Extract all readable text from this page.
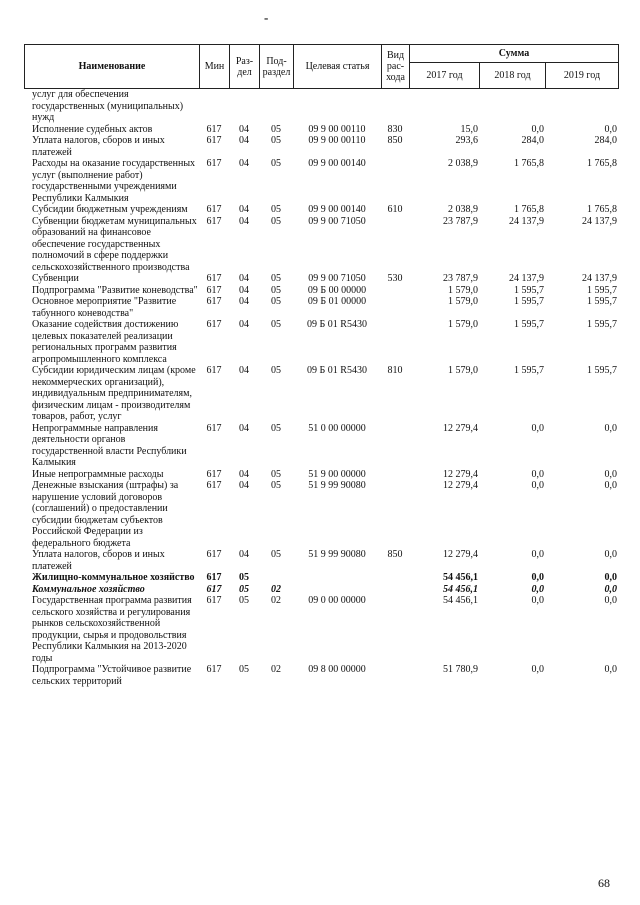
-
Наименование	Мин	Раз-дел	Под-раздел	Целевая статья	Вид рас-хода	Сумма		
						2017 год	2018 год	2019 год
услуг для обеспечения государственных (муниципальных) нужд								
Исполнение судебных актов	617	04	05	09 9 00 00110	830	15,0	0,0	0,0
Уплата налогов, сборов и иных платежей	617	04	05	09 9 00 00110	850	293,6	284,0	284,0
Расходы на оказание государственных услуг (выполнение работ) государственными учреждениями Республики Калмыкия	617	04	05	09 9 00 00140		2 038,9	1 765,8	1 765,8
Субсидии бюджетным учреждениям	617	04	05	09 9 00 00140	610	2 038,9	1 765,8	1 765,8
Субвенции бюджетам муниципальных образований на финансовое обеспечение государственных полномочий в сфере поддержки сельскохозяйственного производства	617	04	05	09 9 00 71050		23 787,9	24 137,9	24 137,9
Субвенции	617	04	05	09 9 00 71050	530	23 787,9	24 137,9	24 137,9
Подпрограмма "Развитие коневодства"	617	04	05	09 Б 00 00000		1 579,0	1 595,7	1 595,7
Основное мероприятие "Развитие табунного коневодства"	617	04	05	09 Б 01 00000		1 579,0	1 595,7	1 595,7
Оказание содействия достижению целевых показателей реализации региональных программ развития агропромышленного комплекса	617	04	05	09 Б 01 R5430		1 579,0	1 595,7	1 595,7
Субсидии юридическим лицам (кроме некоммерческих организаций), индивидуальным предпринимателям, физическим лицам - производителям товаров, работ, услуг	617	04	05	09 Б 01 R5430	810	1 579,0	1 595,7	1 595,7
Непрограммные направления деятельности органов государственной власти Республики Калмыкия	617	04	05	51 0 00 00000		12 279,4	0,0	0,0
Иные непрограммные расходы	617	04	05	51 9 00 00000		12 279,4	0,0	0,0
Денежные взыскания (штрафы) за нарушение условий договоров (соглашений) о предоставлении субсидии бюджетам субъектов Российской Федерации из федерального бюджета	617	04	05	51 9 99 90080		12 279,4	0,0	0,0
Уплата налогов, сборов и иных платежей	617	04	05	51 9 99 90080	850	12 279,4	0,0	0,0
Жилищно-коммунальное хозяйство	617	05				54 456,1	0,0	0,0
Коммунальное хозяйство	617	05	02			54 456,1	0,0	0,0
Государственная программа развития сельского хозяйства и регулирования рынков сельскохозяйственной продукции, сырья и продовольствия Республики Калмыкия на 2013-2020 годы	617	05	02	09 0 00 00000		54 456,1	0,0	0,0
Подпрограмма "Устойчивое развитие сельских территорий	617	05	02	09 8 00 00000		51 780,9	0,0	0,0
68
